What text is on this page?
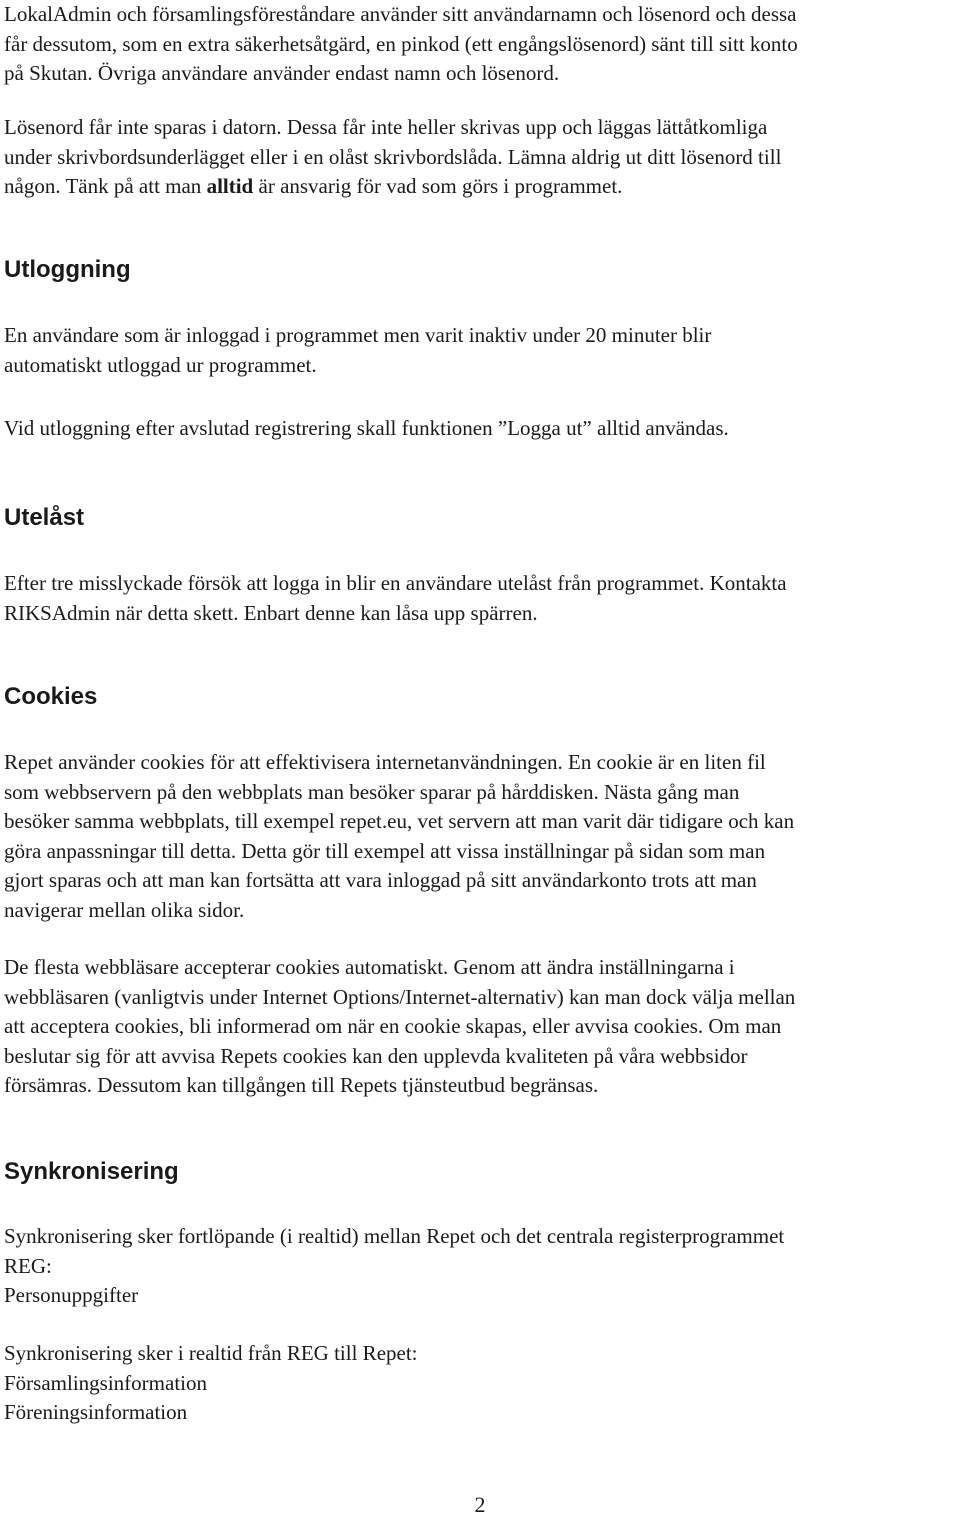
LokalAdmin och församlingsföreståndare använder sitt användarnamn och lösenord och dessa
får dessutom, som en extra säkerhetsåtgärd, en pinkod (ett engångslösenord) sänt till sitt konto
på Skutan. Övriga användare använder endast namn och lösenord.

Lösenord får inte sparas i datorn. Dessa får inte heller skrivas upp och läggas lättåtkomliga
under skrivbordsunderlägget eller i en olåst skrivbordslåda. Lämna aldrig ut ditt lösenord till
någon. Tänk på att man alltid är ansvarig för vad som görs i programmet.

Utloggning

En användare som är inloggad i programmet men varit inaktiv under 20 minuter blir
automatiskt utloggad ur programmet.

Vid utloggning efter avslutad registrering skall funktionen ”Logga ut” alltid användas.

Utelåst

Efter tre misslyckade försök att logga in blir en användare utelåst från programmet. Kontakta
RIKSAdmin när detta skett. Enbart denne kan låsa upp spärren.

Cookies

Repet använder cookies för att effektivisera internetanvändningen. En cookie är en liten fil
som webbservern på den webbplats man besöker sparar på hårddisken. Nästa gång man
besöker samma webbplats, till exempel repet.eu, vet servern att man varit där tidigare och kan
göra anpassningar till detta. Detta gör till exempel att vissa inställningar på sidan som man
gjort sparas och att man kan fortsätta att vara inloggad på sitt användarkonto trots att man
navigerar mellan olika sidor.

De flesta webbläsare accepterar cookies automatiskt. Genom att ändra inställningarna i
webbläsaren (vanligtvis under Internet Options/Internet-alternativ) kan man dock välja mellan
att acceptera cookies, bli informerad om när en cookie skapas, eller avvisa cookies. Om man
beslutar sig för att avvisa Repets cookies kan den upplevda kvaliteten på våra webbsidor
försämras. Dessutom kan tillgången till Repets tjänsteutbud begränsas.

Synkronisering

Synkronisering sker fortlöpande (i realtid) mellan Repet och det centrala registerprogrammet
REG:
Personuppgifter

Synkronisering sker i realtid från REG till Repet:
Församlingsinformation
Föreningsinformation

2
